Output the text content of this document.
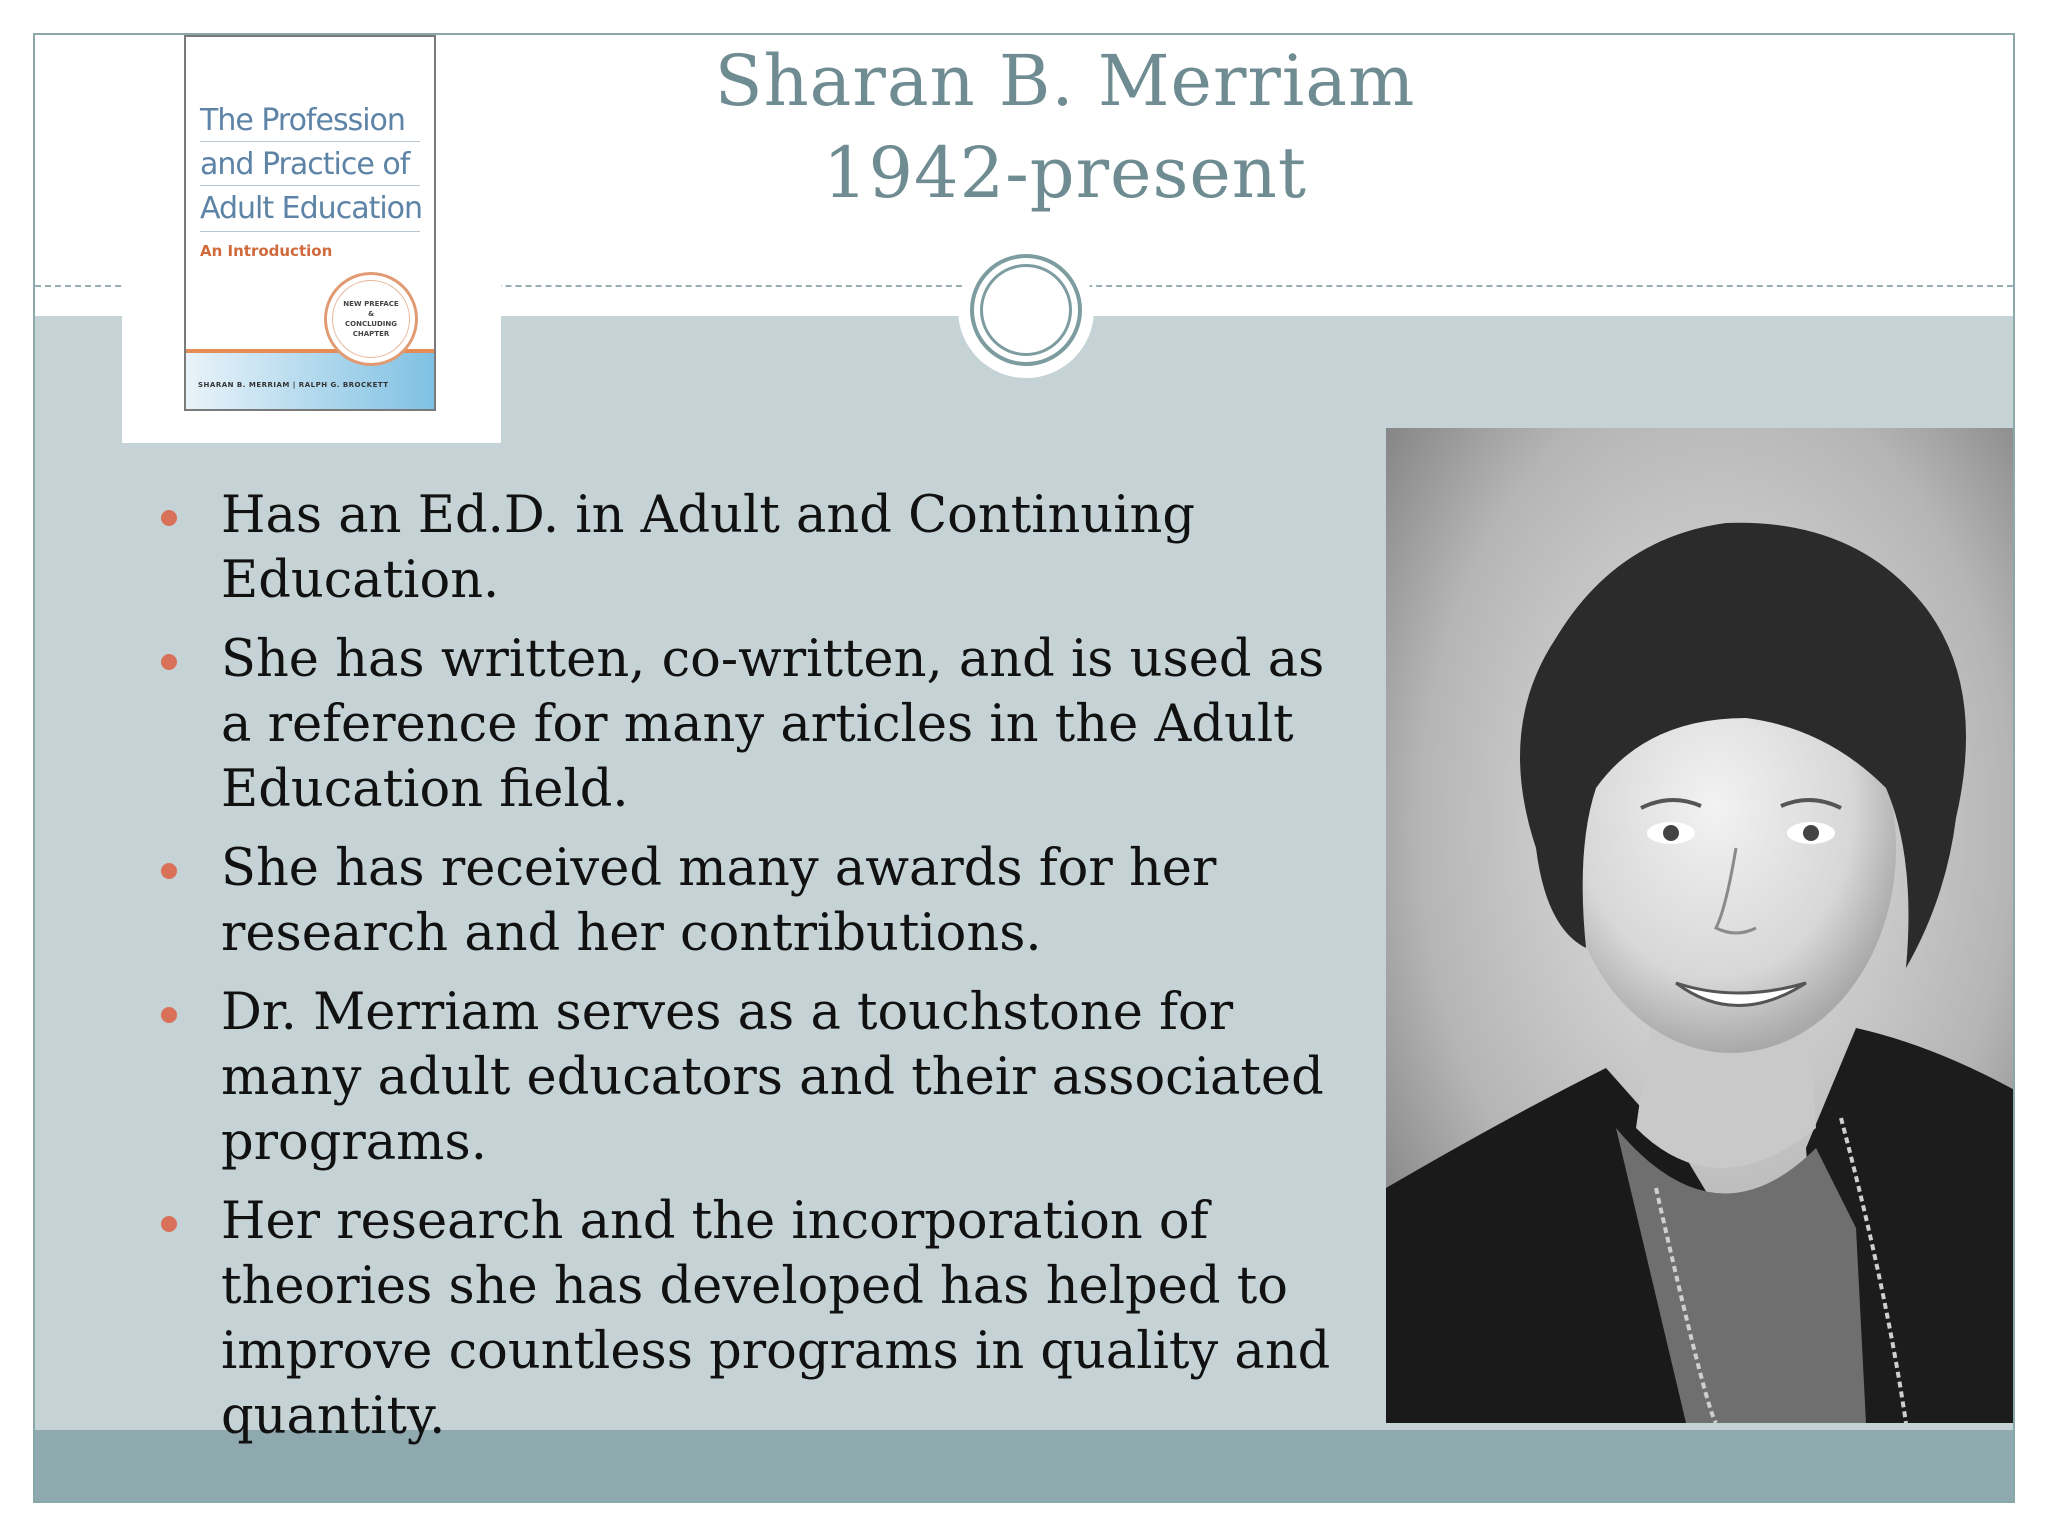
Sharan B. Merriam
1942-present
The Profession
and Practice of
Adult Education
An Introduction
NEW PREFACE & CONCLUDING CHAPTER
SHARAN B. MERRIAM | RALPH G. BROCKETT
Has an Ed.D. in Adult and Continuing Education.
She has written, co-written, and is used as a reference for many articles in the Adult Education field.
She has received many awards for her research and her contributions.
Dr. Merriam serves as a touchstone for many adult educators and their associated programs.
Her research and the incorporation of theories she has developed has helped to improve countless programs in quality and quantity.
